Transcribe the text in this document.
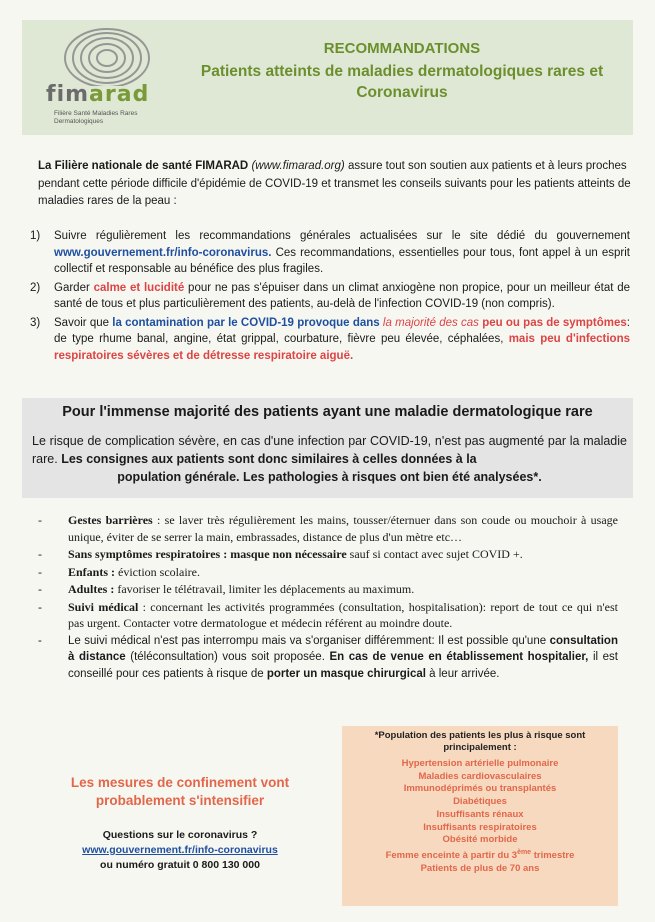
fimarad
Filière Santé Maladies Rares Dermatologiques
RECOMMANDATIONS
Patients atteints de maladies dermatologiques rares et Coronavirus
La Filière nationale de santé FIMARAD (www.fimarad.org) assure tout son soutien aux patients et à leurs proches pendant cette période difficile d'épidémie de COVID-19 et transmet les conseils suivants pour les patients atteints de maladies rares de la peau :
1) Suivre régulièrement les recommandations générales actualisées sur le site dédié du gouvernement www.gouvernement.fr/info-coronavirus. Ces recommandations, essentielles pour tous, font appel à un esprit collectif et responsable au bénéfice des plus fragiles.
2) Garder calme et lucidité pour ne pas s'épuiser dans un climat anxiogène non propice, pour un meilleur état de santé de tous et plus particulièrement des patients, au-delà de l'infection COVID-19 (non compris).
3) Savoir que la contamination par le COVID-19 provoque dans la majorité des cas peu ou pas de symptômes: de type rhume banal, angine, état grippal, courbature, fièvre peu élevée, céphalées, mais peu d'infections respiratoires sévères et de détresse respiratoire aiguë.
Pour l'immense majorité des patients ayant une maladie dermatologique rare
Le risque de complication sévère, en cas d'une infection par COVID-19, n'est pas augmenté par la maladie rare. Les consignes aux patients sont donc similaires à celles données à la
population générale. Les pathologies à risques ont bien été analysées*.
- Gestes barrières : se laver très régulièrement les mains, tousser/éternuer dans son coude ou mouchoir à usage unique, éviter de se serrer la main, embrassades, distance de plus d'un mètre etc…
- Sans symptômes respiratoires : masque non nécessaire sauf si contact avec sujet COVID +.
- Enfants : éviction scolaire.
- Adultes : favoriser le télétravail, limiter les déplacements au maximum.
- Suivi médical : concernant les activités programmées (consultation, hospitalisation): report de tout ce qui n'est pas urgent. Contacter votre dermatologue et médecin référent au moindre doute.
- Le suivi médical n'est pas interrompu mais va s'organiser différemment: Il est possible qu'une consultation à distance (téléconsultation) vous soit proposée. En cas de venue en établissement hospitalier, il est conseillé pour ces patients à risque de porter un masque chirurgical à leur arrivée.
Les mesures de confinement vont probablement s'intensifier
Questions sur le coronavirus ?
www.gouvernement.fr/info-coronavirus
ou numéro gratuit 0 800 130 000
*Population des patients les plus à risque sont principalement :
Hypertension artérielle pulmonaire
Maladies cardiovasculaires
Immunodéprimés ou transplantés
Diabétiques
Insuffisants rénaux
Insuffisants respiratoires
Obésité morbide
Femme enceinte à partir du 3ème trimestre
Patients de plus de 70 ans
